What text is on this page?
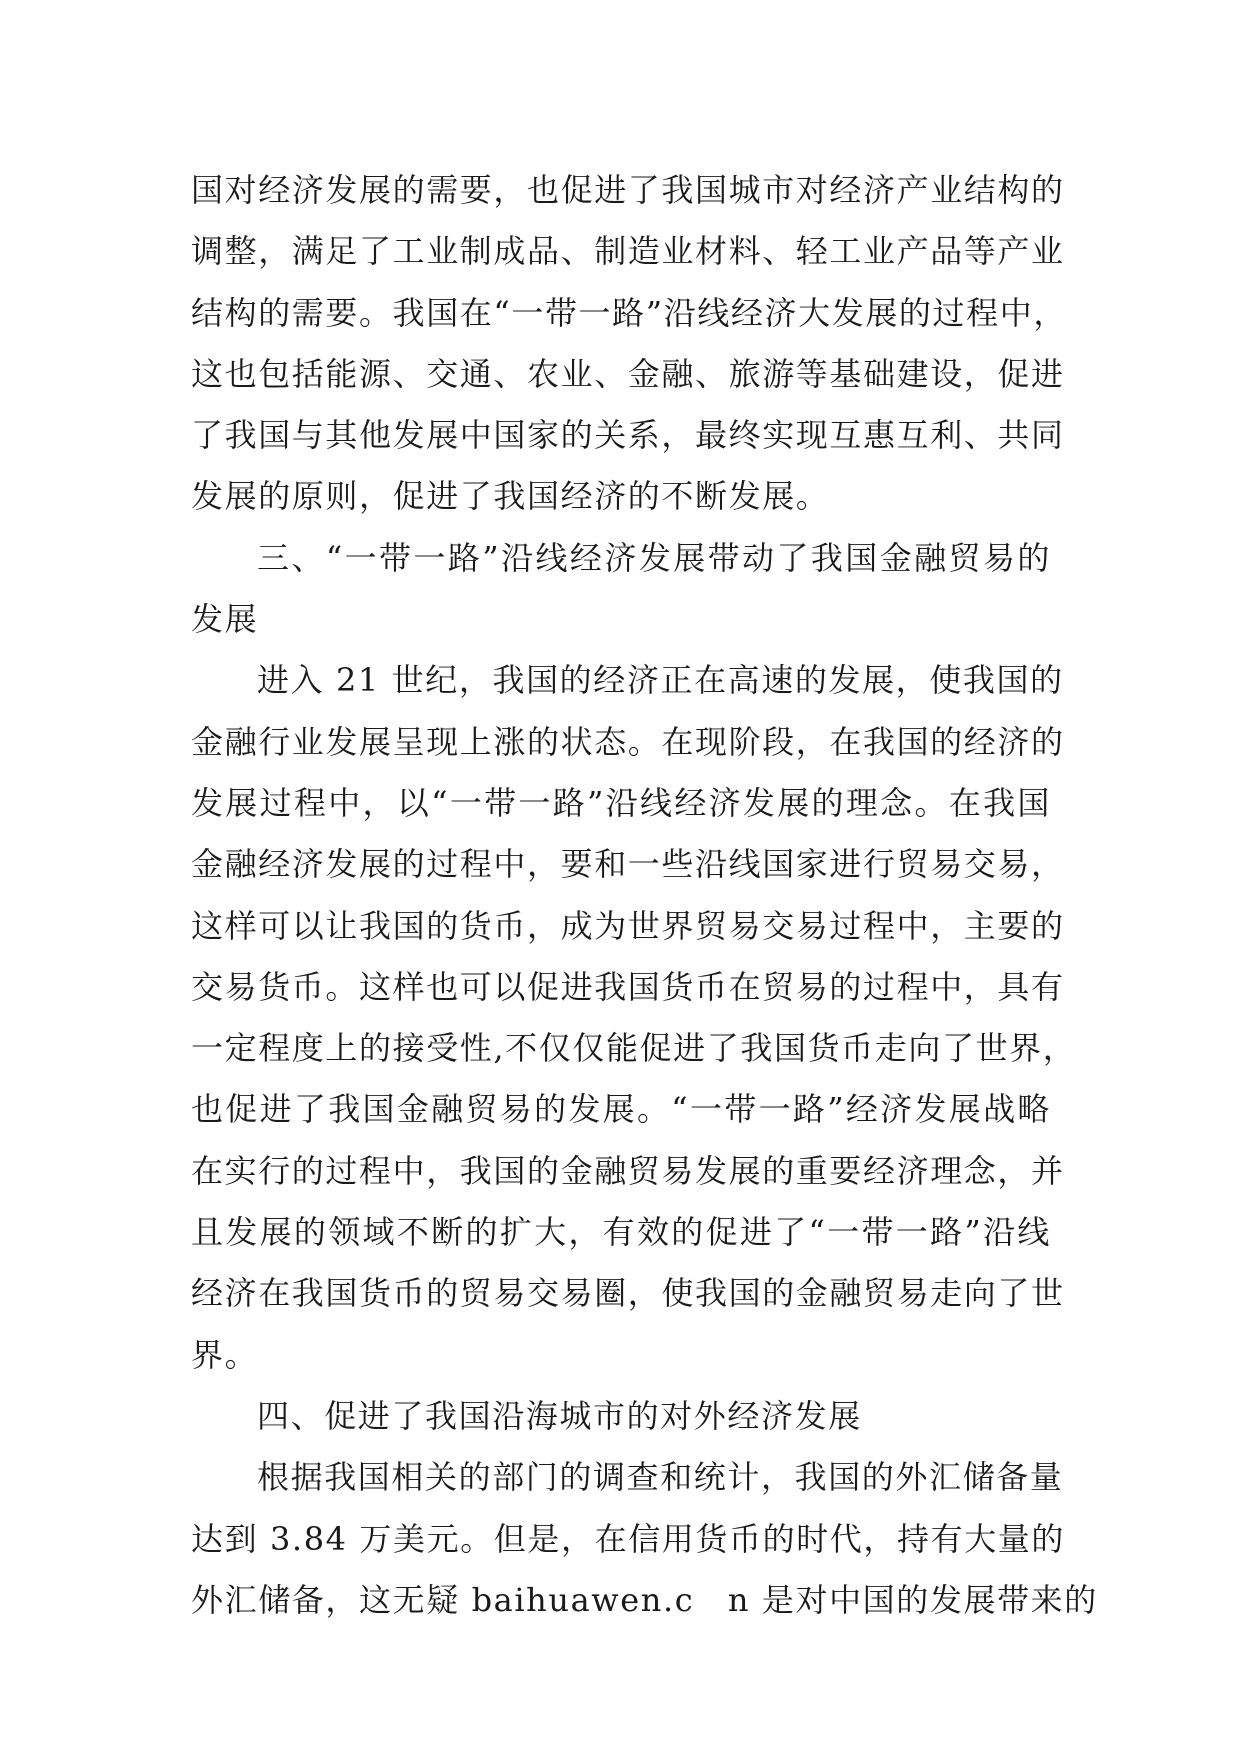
国对经济发展的需要，也促进了我国城市对经济产业结构的
调整，满足了工业制成品、制造业材料、轻工业产品等产业
结构的需要。我国在“一带一路”沿线经济大发展的过程中，
这也包括能源、交通、农业、金融、旅游等基础建设，促进
了我国与其他发展中国家的关系，最终实现互惠互利、共同
发展的原则，促进了我国经济的不断发展。
三、“一带一路”沿线经济发展带动了我国金融贸易的
发展
进入 21 世纪，我国的经济正在高速的发展，使我国的
金融行业发展呈现上涨的状态。在现阶段，在我国的经济的
发展过程中，以“一带一路”沿线经济发展的理念。在我国
金融经济发展的过程中，要和一些沿线国家进行贸易交易，
这样可以让我国的货币，成为世界贸易交易过程中，主要的
交易货币。这样也可以促进我国货币在贸易的过程中，具有
一定程度上的接受性,不仅仅能促进了我国货币走向了世界，
也促进了我国金融贸易的发展。“一带一路”经济发展战略
在实行的过程中，我国的金融贸易发展的重要经济理念，并
且发展的领域不断的扩大，有效的促进了“一带一路”沿线
经济在我国货币的贸易交易圈，使我国的金融贸易走向了世
界。
四、促进了我国沿海城市的对外经济发展
根据我国相关的部门的调查和统计，我国的外汇储备量
达到 3.84 万美元。但是，在信用货币的时代，持有大量的
外汇储备，这无疑 baihuawen.c　n 是对中国的发展带来的
